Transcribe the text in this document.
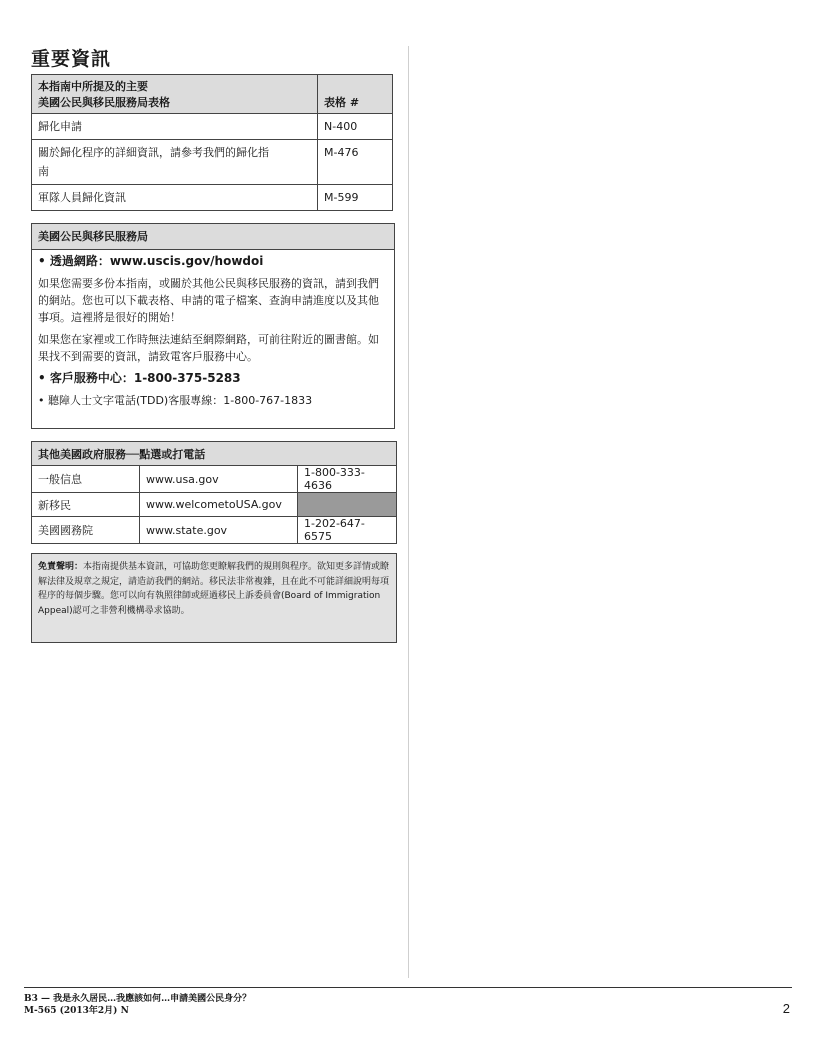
重要資訊
本指南中所提及的主要
美國公民與移民服務局表格	表格 #
歸化申請	N-400
關於歸化程序的詳細資訊，請參考我們的歸化指南	M-476
軍隊人員歸化資訊	M-599
美國公民與移民服務局

• 透過網路：www.uscis.gov/howdoi

如果您需要多份本指南，或關於其他公民與移民服務的資訊，請到我們的網站。您也可以下載表格、申請的電子檔案、查詢申請進度以及其他事項。這裡將是很好的開始！

如果您在家裡或工作時無法連結至網際網路，可前往附近的圖書館。如果找不到需要的資訊，請致電客戶服務中心。

• 客戶服務中心：1-800-375-5283

• 聽障人士文字電話(TDD)客服專線：1-800-767-1833

其他美國政府服務──點選或打電話		
一般信息	www.usa.gov	1-800-333-4636
新移民	www.welcometoUSA.gov	
美國國務院	www.state.gov	1-202-647-6575
免責聲明：本指南提供基本資訊，可協助您更瞭解我們的規則與程序。欲知更多詳情或瞭解法律及規章之規定，請造訪我們的網站。移民法非常複雜，且在此不可能詳細說明每項程序的每個步驟。您可以向有執照律師或經過移民上訴委員會(Board of Immigration Appeal)認可之非營利機構尋求協助。
B3 — 我是永久居民…我應該如何…申請美國公民身分？
M-565 (2013年2月) N	2
